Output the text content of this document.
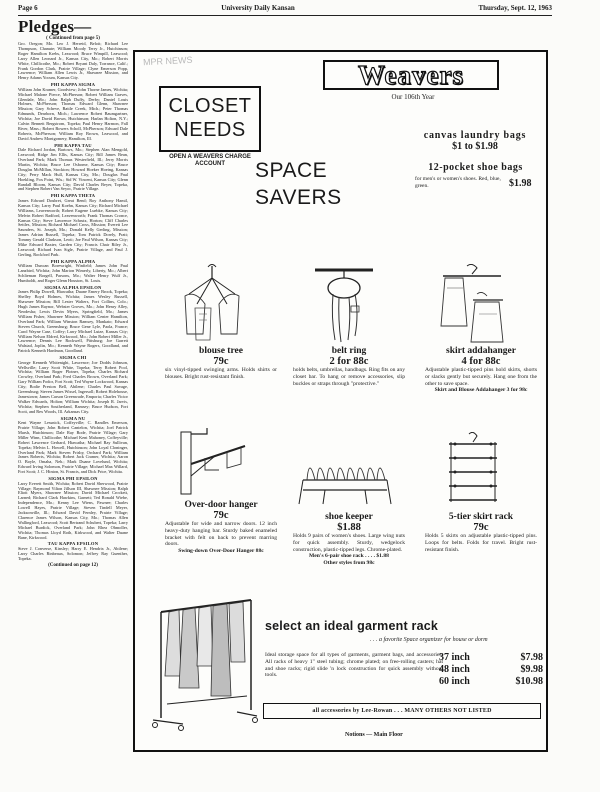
Page 6	University Daily Kansan	Thursday, Sept. 12, 1963
Pledges—
( Continued from page 5)
Gro. Oregon; Mo. Leo J. Herreid, Beloit; Richard Lee Thompson, Chanute; William Moody Terry Jr., Hutchinson; Roger Hamilton Krebs, Leawood; Bruce Wimpill, Leawood; Larry Allen Leonard Jr., Kansas City, Mo.; Robert Morris White, Chillicothe, Mo.; Robert Bryant Daly, Torrance, Calif.; Frank Gordon Clark, Prairie Village; Clyne Emerson Popp, Lawrence; William Allen Lewis Jr., Shawnee Mission, and Henry Adams Yocum, Kansas City.
PHI KAPPA SIGMA
William John Kramer, Goodview; John Thorne James, Wichita; Michael Malone Pierce, McPherson; Robert William Graves, Glendale, Mo.; John Ralph Duffy, Derby; Daniel Louis Holmes, McPherson; Thomas Edward Glenn, Shawnee Mission; Gary Scheve, Battle Creek, Mich.; Peter Thomas Edmunds, Dearborn, Mich.; Lawrence Robert Baumgartner, Wichita; Joe David Brown, Hutchinson; Harlan Holton, N.Y.; Calvin Bennett Bergstrom, Topeka; Paul Henry Harmon, Fall River, Mass.; Robert Bowers Scholl, McPherson; Edward Dale Roberts, McPherson; William Roy Brown, Leawood, and David Andrew Montgomery, Hamilton, Ill.
PHI KAPPA TAU
Dale Richard Jordan, Bartows, Mo.; Stephen Alan Mengold, Leawood; Ridge Jim Ellis, Kansas City; Bill James Bean, Overland Park; Mark Thomas Westerfield, Ill.; Jerry Morris Martin, Wichita; Bruce Lee Osborne, Kansas City; Bruce Douglas McMillan, Stockton; Howard Hoeker Hoeing, Kansas City; Perry Mack Hull, Kansas City, Mo.; Douglas Paul Hoekling, Fox Point, Wis.; Sid W. Vincent, Kansas City; Glenn Randall Bloom, Kansas City; David Charles Beyer, Topeka, and Stephen Robert Van Seyoc, Prairie Village.
PHI KAPPA THETA
James Edward Doubret, Great Bend; Roy Anthony Hamil, Kansas City; Larry Paul Koehn, Kansas City; Richard Michael Williams, Leavenworth; Robert Eugene Luebke, Kansas City; Melvin Robert Radford, Leavenworth; Frank Thomas Cronce, Kansas City; Steve Lawrence Schrutz, Horton; Cliff Charles Settles, Mission; Richard Michael Cross, Mission; Everett Lee Saunders, St. Joseph, Mo.; Donald Kelly Gerling, Mission; James Adrian Russell, Topeka; Tom Patrick Dorely, Pratt; Tommy Gerald Clarkson, Leoti; Joe Paul Wilson, Kansas City; Mike Edward Baxter, Garden City; Francis Chair Riley Jr., Leawood; Richard Ivan Sigle, Prairie Village, and Paul J. Gerling, Rockford Park.
PHI KAPPA ALPHA
William Duncan Borewright, Winfield; James John Paul Lanzbird, Wichita; John Marion Wimerly, Liberty, Mo.; Albert Schlieman Borgell, Parsons, Mo.; Walter Henry Wulf Jr., Humboldt, and Roger Glenn Houston, St. Louis.
SIGMA ALPHA EPSILON
James Philip Dowell, Hiawatha; Duane Emery Brook, Topeka; Shelley Boyd Holmes, Wichita; James Wesley Russell, Shawnee Mission; Bill Lester Walters, Fort Collins, Colo.; Hugh James Raynor, Webster Groves, Mo.; John Henry Alley, Neodesha; Lewis Devin Myers, Springfield, Mo.; James William Fisher, Shawnee Mission; William Center Hamilton, Overland Park; William Winston Ramsey, Mankato; Edward Steven Church, Greensburg; Bruce Gene Lyle, Paola, France; Carol Wayne Case, Coffey; Larry Michael Lutze, Kansas City; William Nelson Eldred, Kirkwood, Mo.; John Robert Miller Jr., Lawrence; Dennis Lee Rockwell, Pittsburg; Joe Garrett Walstad, Joplin, Mo.; Kenneth Wayne Rogers, Goodland, and Patrick Kenneth Hardman, Goodland.
SIGMA CHI
George Kenneth Whitenight, Lawrence; Joe Dodds Johnson, Wellsville; Larry Scott White, Topeka; Terry Robert Pool, Wichita; William Roger Plotner, Topeka; Charles Richard Crowley, Overland Park; Fred Charles Brown, Overland Park; Gary William Fodor, Fort Scott; Ted Wayne Lockwood, Kansas City; Bodie Preston Bell, Abilene; Charles Paul Savage, Greensburg; Steven James Wissel, Ingersoll; Robert Holehouse, Jamestown; James Carson Greenwade, Emporia; Charles Victor Walker Edwards, Holton; William Wichita; Joseph R. Jarvis, Wichita; Stephen Southerland, Ramsey; Bruce Hudson, Fort Scott, and Rex Woods, Ill. Arkansas City.
SIGMA NU
Kent Wayne Lessnick, Coffeyville; C. Randles Emerson, Prairie Village; John Robert Cantelon, Wichita; Joel Patrick Marsh, Hutchinson; Dale Ray Bode, Prairie Village; Gary Miller Winn, Chillicothe; Michael Kent Mahoney, Coffeyville; Robert Lawrence Gerhard, Hiawatha; Michael Ray Sullivan, Topeka; Melvin L. Howell, Hutchinson; John Loyal Cloninger, Overland Park; Mark Steven Frisby, Orchard Park; William James Roberts, Wichita; Robert Jack Cramer, Wichita; Aaron O. Boyle, Omaha, Neb.; Mark Duane Lovelund, Wichita; Edward Irving Solomon, Prairie Village; Michael Max Willard, Fort Scott; J. C. Hinton, St. Francis, and Dick Price, Wichita.
SIGMA PHI EPSILON
Larry Everett Smith, Wichita; Robert David Sherwood, Prairie Village; Raymond Vilton Jillson III, Shawnee Mission; Ralph Eliott Myers, Shawnee Mission; David Michael Crockett, Larned; Richard Clark Hawkins, Garnett; Ted Ronald Wiebe, Independence, Mo.; Kenny Lee Wiens, Pawnee; Charles Lowell Hayes, Prairie Village; Steven Tindell Meyer, Jacksonville, Ill.; Edward David Fernley, Prairie Village; Clarence James Wilson, Kansas City, Mo.; Thomas Allen Wallingford, Leawood; Scott Bertrand Schubert, Topeka; Larry Michael Burdick, Overland Park; John Rhea Ohmoller, Wichita; Thomas Lloyd Roth, Kirkwood, and Walter Duane Bane, Kirkwood.
TAU KAPPA EPSILON
Steve J. Converse, Kinsley; Harry E. Hendrix Jr., Abilene; Larry Charles Rinbeaux, Solomon; Jeffrey Ray Guenther, Topeka.
(Continued on page 12)
MPR NEWS	Weavers
Our 106th Year
CLOSET NEEDS
OPEN A WEAVERS CHARGE ACCOUNT	SPACE SAVERS
canvas laundry bags
$1 to $1.98
12-pocket shoe bags
for men's or women's shoes. Red, blue, green.	$1.98
blouse tree
79c
six vinyl-tipped swinging arms. Holds shirts or blouses. Bright rust-resistant finish.
belt ring
2 for 88c
holds belts, umbrellas, handbags. Ring fits on any closet bar. To hang or remove accessories, slip buckles or straps through "protective."
skirt addahanger
4 for 88c
Adjustable plastic-tipped pins hold skirts, shorts or slacks gently but securely. Hang one from the other to save space.
Skirt and Blouse Addahanger 3 for 98c
Over-door hanger
79c
Adjustable for wide and narrow doors. 12 inch heavy-duty hanging bar. Sturdy baked enameled bracket with felt on back to prevent marring doors.
Swing-down Over-Door Hanger 88c
shoe keeper
$1.88
Holds 9 pairs of women's shoes. Large wing nuts for quick assembly. Sturdy, wedgelock construction, plastic-tipped legs. Chrome-plated.
Men's 6-pair shoe rack . . . . $1.88
Other styles from 98c
5-tier skirt rack
79c
Holds 5 skirts on adjustable plastic-tipped pins. Loops for belts. Folds for travel. Bright rust-resistant finish.
select an ideal garment rack
. . . a favorite Space organizer for house or dorm
Ideal storage space for all types of garments, garment bags, and accessories. All racks of heavy 1" steel tubing; chrome plated; on free-rolling casters; hat and shoe racks; rigid slide 'n lock construction for quick assembly without tools.
37 inch	$7.98
48 inch	$9.98
60 inch	$10.98
all accessories by Lee-Rowan . . . MANY OTHERS NOT LISTED
Notions — Main Floor
